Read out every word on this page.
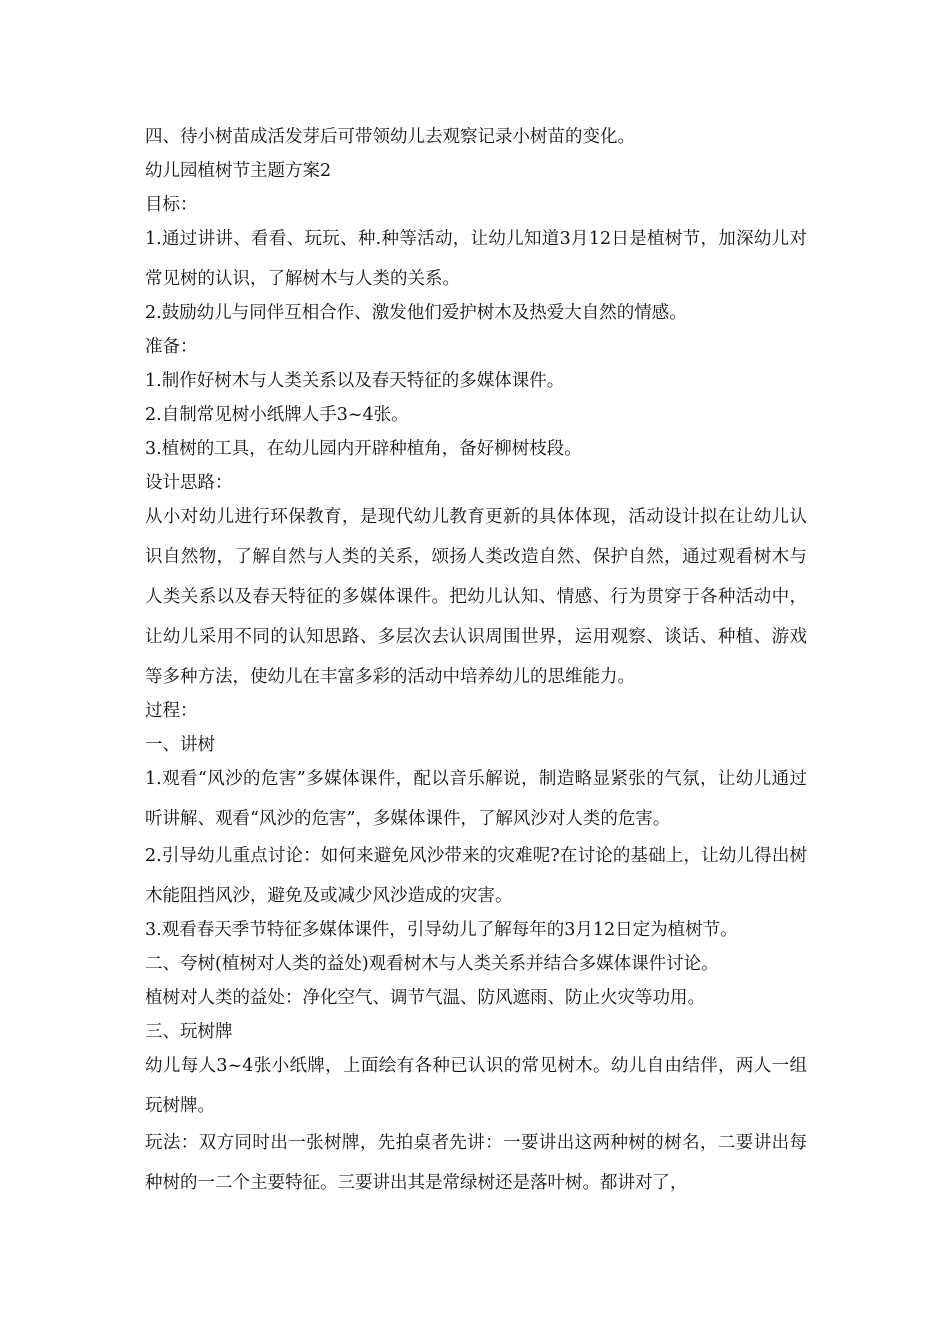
四、待小树苗成活发芽后可带领幼儿去观察记录小树苗的变化。

幼儿园植树节主题方案2

目标：

1.通过讲讲、看看、玩玩、种.种等活动，让幼儿知道3月12日是植树节，加深幼儿对常见树的认识，了解树木与人类的关系。

2.鼓励幼儿与同伴互相合作、激发他们爱护树木及热爱大自然的情感。

准备：

1.制作好树木与人类关系以及春天特征的多媒体课件。

2.自制常见树小纸牌人手3~4张。

3.植树的工具，在幼儿园内开辟种植角，备好柳树枝段。

设计思路：

从小对幼儿进行环保教育，是现代幼儿教育更新的具体体现，活动设计拟在让幼儿认识自然物，了解自然与人类的关系，颂扬人类改造自然、保护自然，通过观看树木与人类关系以及春天特征的多媒体课件。把幼儿认知、情感、行为贯穿于各种活动中，让幼儿采用不同的认知思路、多层次去认识周围世界，运用观察、谈话、种植、游戏等多种方法，使幼儿在丰富多彩的活动中培养幼儿的思维能力。

过程：

一、讲树

1.观看“风沙的危害”多媒体课件，配以音乐解说，制造略显紧张的气氛，让幼儿通过听讲解、观看“风沙的危害”，多媒体课件，了解风沙对人类的危害。

2.引导幼儿重点讨论：如何来避免风沙带来的灾难呢?在讨论的基础上，让幼儿得出树木能阻挡风沙，避免及或减少风沙造成的灾害。

3.观看春天季节特征多媒体课件，引导幼儿了解每年的3月12日定为植树节。

二、夸树(植树对人类的益处)观看树木与人类关系并结合多媒体课件讨论。

植树对人类的益处：净化空气、调节气温、防风遮雨、防止火灾等功用。

三、玩树牌

幼儿每人3~4张小纸牌，上面绘有各种已认识的常见树木。幼儿自由结伴，两人一组玩树牌。

玩法：双方同时出一张树牌，先拍桌者先讲：一要讲出这两种树的树名，二要讲出每种树的一二个主要特征。三要讲出其是常绿树还是落叶树。都讲对了，
